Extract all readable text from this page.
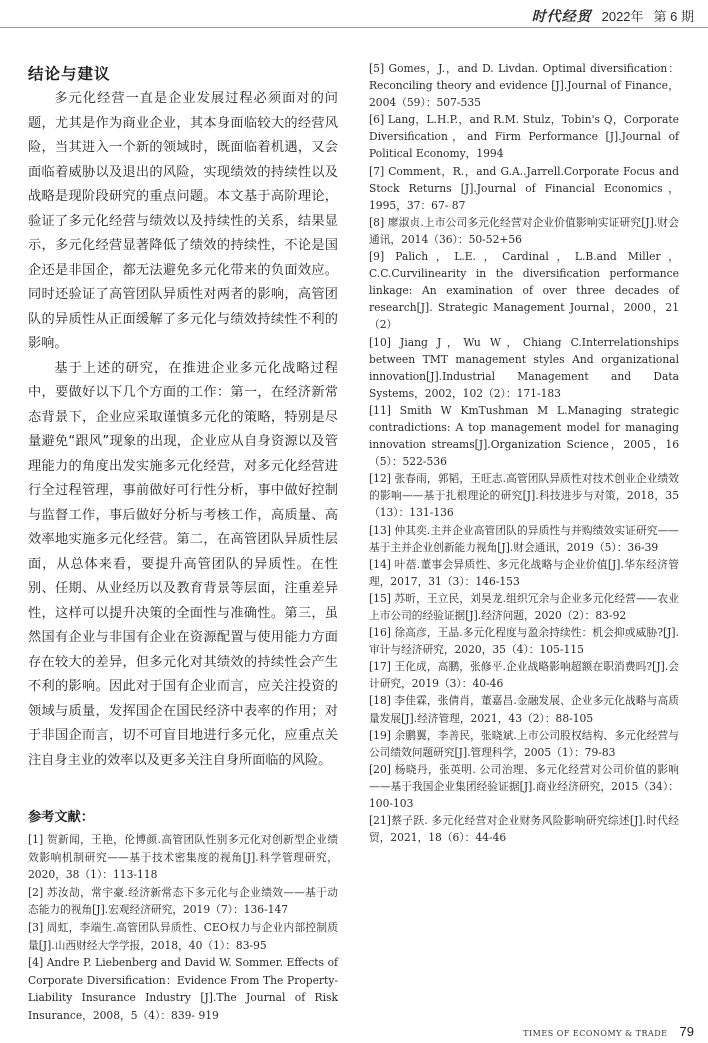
时代经贸 2022年 第 6 期
结论与建议

多元化经营一直是企业发展过程必须面对的问题，尤其是作为商业企业，其本身面临较大的经营风险，当其进入一个新的领域时，既面临着机遇，又会面临着威胁以及退出的风险，实现绩效的持续性以及战略是现阶段研究的重点问题。本文基于高阶理论，验证了多元化经营与绩效以及持续性的关系，结果显示，多元化经营显著降低了绩效的持续性，不论是国企还是非国企，都无法避免多元化带来的负面效应。同时还验证了高管团队异质性对两者的影响，高管团队的异质性从正面缓解了多元化与绩效持续性不利的影响。

基于上述的研究，在推进企业多元化战略过程中，要做好以下几个方面的工作：第一，在经济新常态背景下，企业应采取谨慎多元化的策略，特别是尽量避免“跟风”现象的出现，企业应从自身资源以及管理能力的角度出发实施多元化经营，对多元化经营进行全过程管理，事前做好可行性分析，事中做好控制与监督工作，事后做好分析与考核工作，高质量、高效率地实施多元化经营。第二，在高管团队异质性层面，从总体来看，要提升高管团队的异质性。在性别、任期、从业经历以及教育背景等层面，注重差异性，这样可以提升决策的全面性与准确性。第三，虽然国有企业与非国有企业在资源配置与使用能力方面存在较大的差异，但多元化对其绩效的持续性会产生不利的影响。因此对于国有企业而言，应关注投资的领域与质量，发挥国企在国民经济中表率的作用；对于非国企而言，切不可盲目地进行多元化，应重点关注自身主业的效率以及更多关注自身所面临的风险。

参考文献：
[1] 贺新闻，王艳，伦博颜.高管团队性别多元化对创新型企业绩效影响机制研究——基于技术密集度的视角[J].科学管理研究，2020，38（1）：113-118
[2] 苏汝劼，常宇豪.经济新常态下多元化与企业绩效——基于动态能力的视角[J].宏观经济研究，2019（7）：136-147
[3] 周虹，李端生.高管团队异质性、CEO权力与企业内部控制质量[J].山西财经大学学报，2018，40（1）：83-95
[4] Andre P. Liebenberg and David W. Sommer. Effects of Corporate Diversification：Evidence From The Property- Liability Insurance Industry [J].The Journal of Risk Insurance，2008，5（4）：839- 919
[5] Gomes，J.，and D. Livdan. Optimal diversification：Reconciling theory and evidence [J].Journal of Finance，2004（59）：507-535
[6] Lang，L.H.P.，and R.M. Stulz，Tobin's Q，Corporate Diversification，and Firm Performance [J].Journal of Political Economy，1994
[7] Comment，R.，and G.A..Jarrell.Corporate Focus and Stock Returns [J].Journal of Financial Economics，1995，37：67- 87
[8] 廖淑贞.上市公司多元化经营对企业价值影响实证研究[J].财会通讯，2014（36）：50-52+56
[9] Palich，L.E.，Cardinal，L.B.and Miller，C.C.Curvilinearity in the diversification performance linkage: An examination of over three decades of research[J]. Strategic Management Journal，2000，21（2）
[10] Jiang J，Wu W，Chiang C.Interrelationships between TMT management styles And organizational innovation[J].Industrial Management and Data Systems，2002，102（2）：171-183
[11] Smith W KmTushman M L.Managing strategic contradictions: A top management model for managing innovation streams[J].Organization Science，2005，16（5）：522-536
[12] 张春雨，郭韬，王旺志.高管团队异质性对技术创业企业绩效的影响——基于扎根理论的研究[J].科技进步与对策，2018，35（13）：131-136
[13] 仲其奕.主并企业高管团队的异质性与并购绩效实证研究——基于主并企业创新能力视角[J].财会通讯，2019（5）：36-39
[14] 叶蓓.董事会异质性、多元化战略与企业价值[J].华东经济管理，2017，31（3）：146-153
[15] 苏昕，王立民，刘昊龙.组织冗余与企业多元化经营——农业上市公司的经验证据[J].经济问题，2020（2）：83-92
[16] 徐高彦，王晶.多元化程度与盈余持续性：机会抑或威胁?[J].审计与经济研究，2020，35（4）：105-115
[17] 王化成，高鹏，张修平.企业战略影响超额在职消费吗?[J].会计研究，2019（3）：40-46
[18] 李佳霖，张倩肖，董嘉昌.金融发展、企业多元化战略与高质量发展[J].经济管理，2021，43（2）：88-105
[19] 余鹏翼，李善民，张晓斌.上市公司股权结构、多元化经营与公司绩效问题研究[J].管理科学，2005（1）：79-83
[20] 杨晓丹，张英明. 公司治理、多元化经营对公司价值的影响——基于我国企业集团经验证据[J].商业经济研究，2015（34）：100-103
[21]蔡子跃. 多元化经营对企业财务风险影响研究综述[J].时代经贸，2021，18（6）：44-46
TIMES OF ECONOMY & TRADE 79
